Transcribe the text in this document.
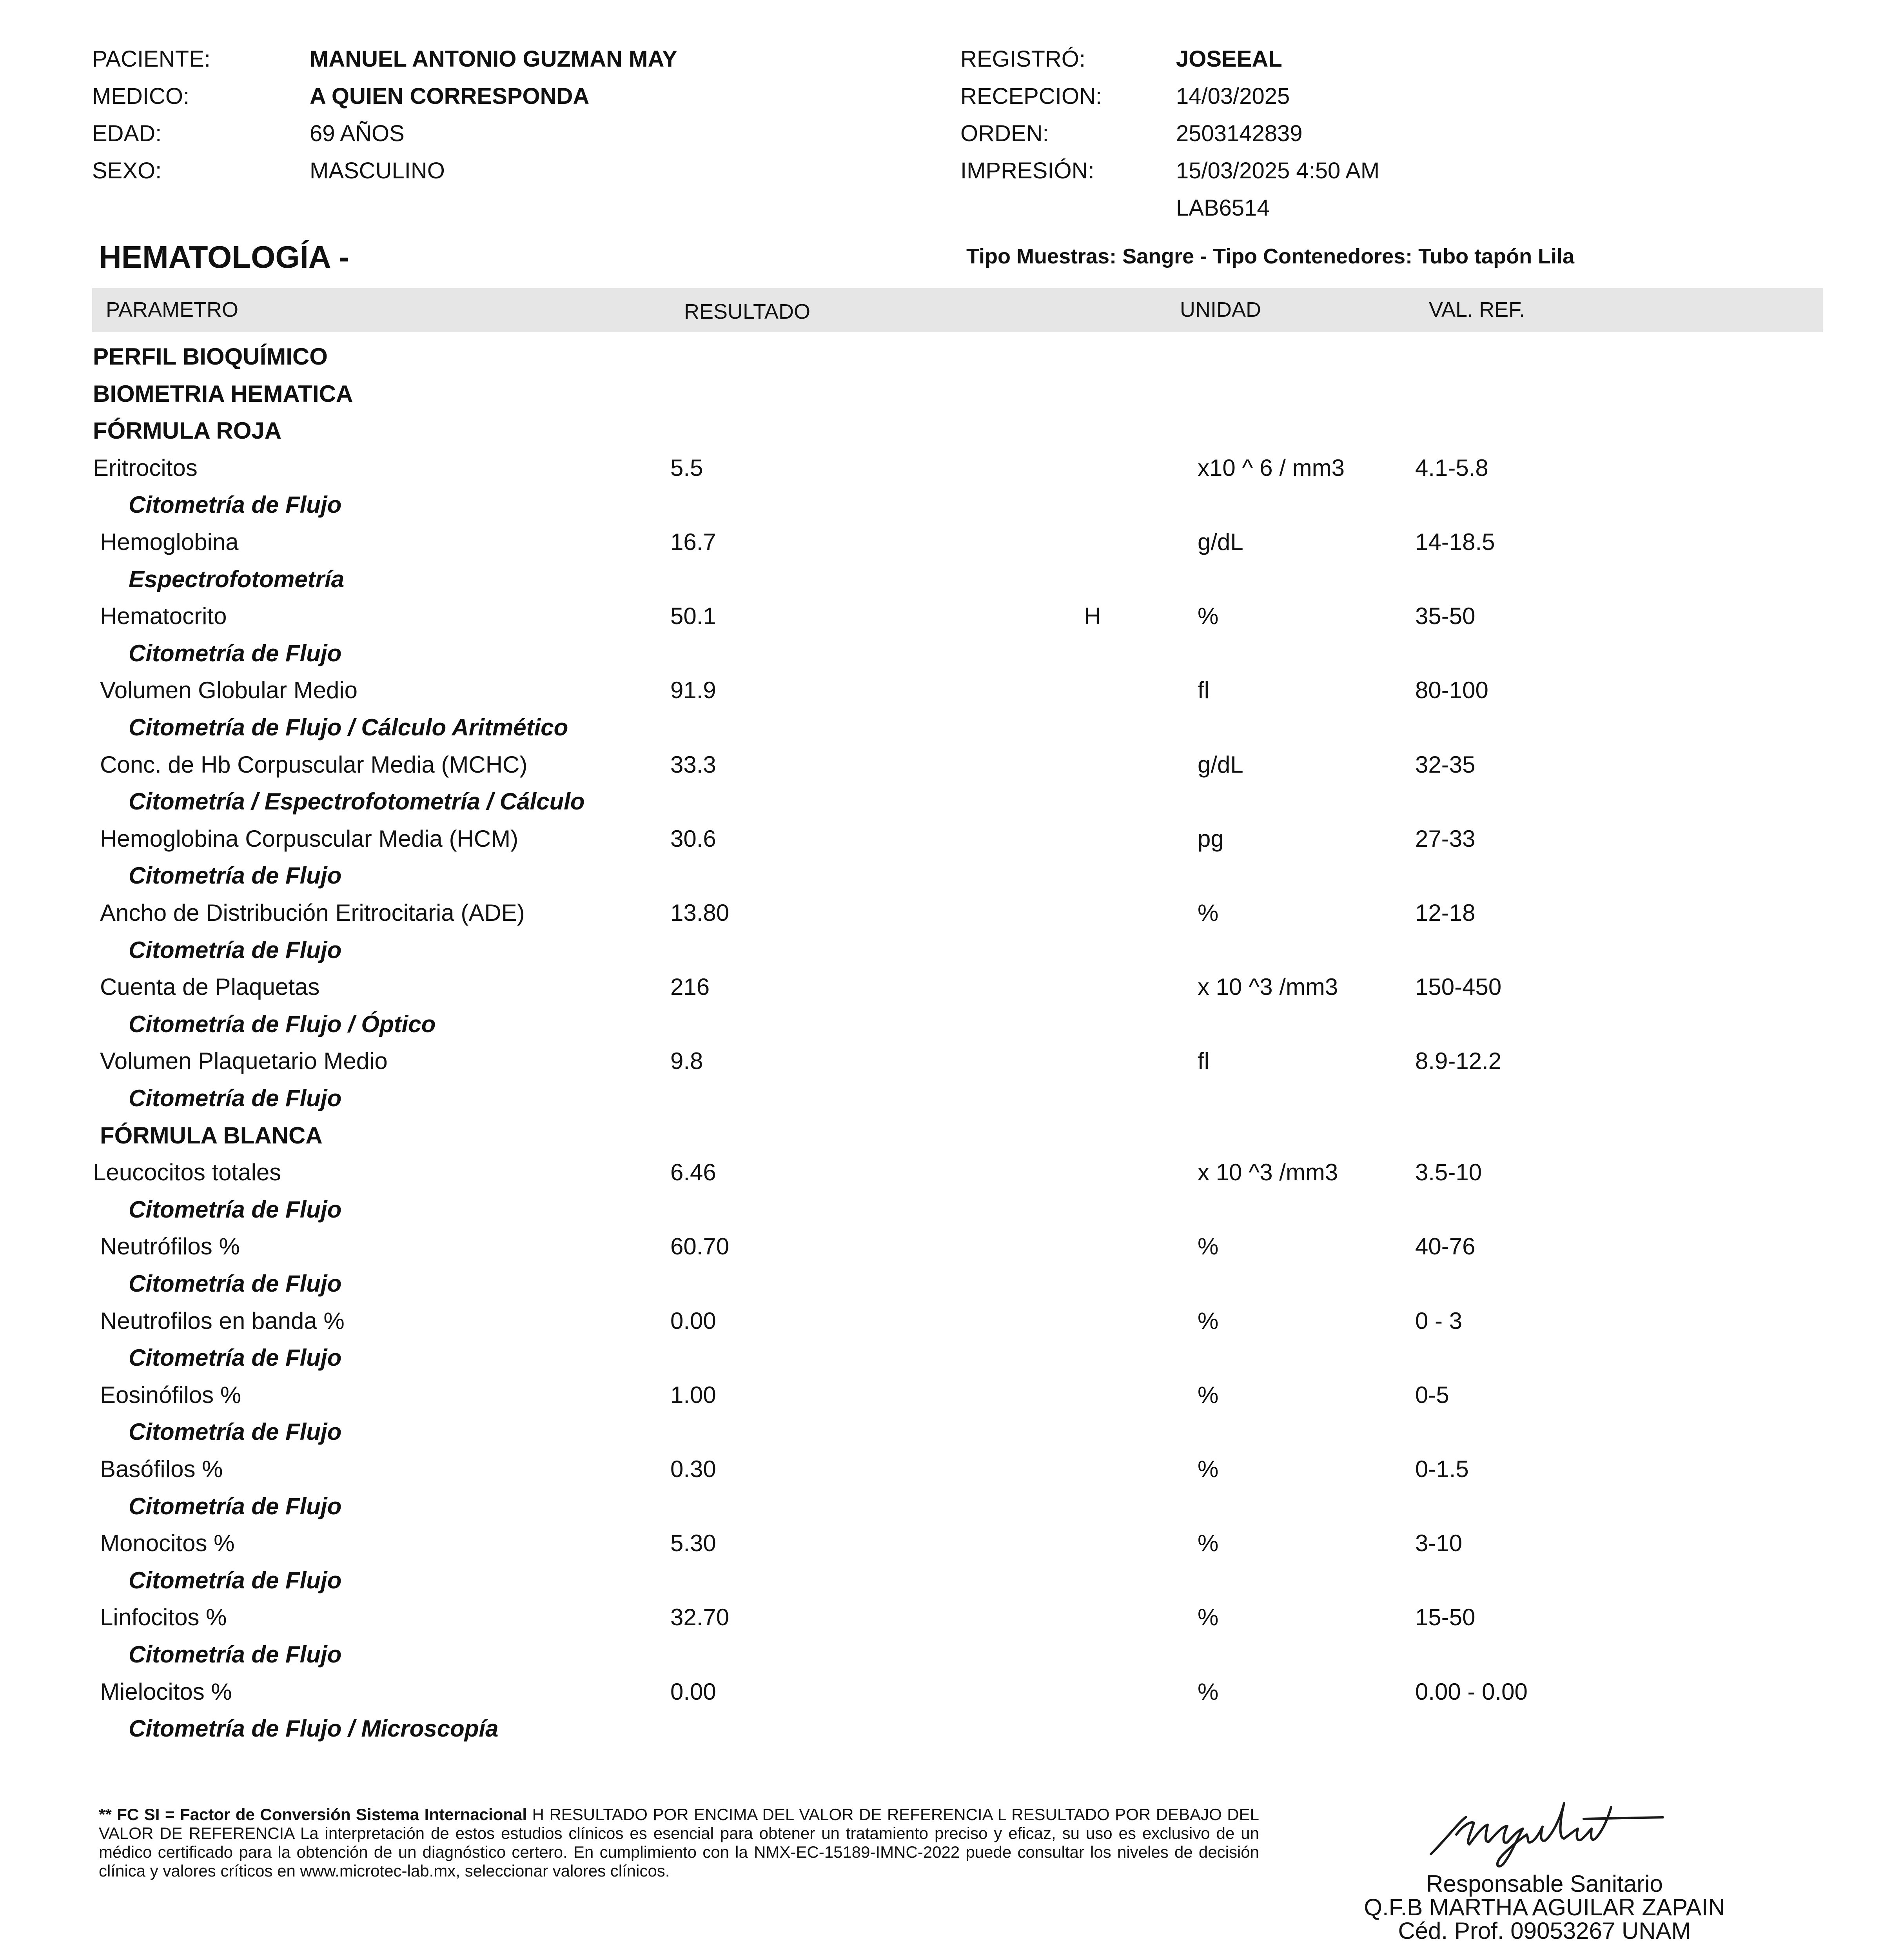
PACIENTE:	MANUEL ANTONIO GUZMAN MAY
MEDICO:	A QUIEN CORRESPONDA
EDAD:	69 AÑOS
SEXO:	MASCULINO
REGISTRÓ:	JOSEEAL
RECEPCION:	14/03/2025
ORDEN:	2503142839
IMPRESIÓN:	15/03/2025 4:50 AM
LAB6514
HEMATOLOGÍA -	Tipo Muestras: Sangre - Tipo Contenedores: Tubo tapón Lila
PARAMETRO	RESULTADO	UNIDAD	VAL. REF.
PERFIL BIOQUÍMICO
BIOMETRIA HEMATICA
FÓRMULA ROJA
Eritrocitos	5.5	x10 ^ 6 / mm3	4.1-5.8
Citometría de Flujo
Hemoglobina	16.7	g/dL	14-18.5
Espectrofotometría
Hematocrito	50.1	H	%	35-50
Citometría de Flujo
Volumen Globular Medio	91.9	fl	80-100
Citometría de Flujo / Cálculo Aritmético
Conc. de Hb Corpuscular Media (MCHC)	33.3	g/dL	32-35
Citometría / Espectrofotometría / Cálculo
Hemoglobina Corpuscular Media (HCM)	30.6	pg	27-33
Citometría de Flujo
Ancho de Distribución Eritrocitaria (ADE)	13.80	%	12-18
Citometría de Flujo
Cuenta de Plaquetas	216	x 10 ^3 /mm3	150-450
Citometría de Flujo / Óptico
Volumen Plaquetario Medio	9.8	fl	8.9-12.2
Citometría de Flujo
FÓRMULA BLANCA
Leucocitos totales	6.46	x 10 ^3 /mm3	3.5-10
Citometría de Flujo
Neutrófilos %	60.70	%	40-76
Citometría de Flujo
Neutrofilos en banda %	0.00	%	0 - 3
Citometría de Flujo
Eosinófilos %	1.00	%	0-5
Citometría de Flujo
Basófilos %	0.30	%	0-1.5
Citometría de Flujo
Monocitos %	5.30	%	3-10
Citometría de Flujo
Linfocitos %	32.70	%	15-50
Citometría de Flujo
Mielocitos %	0.00	%	0.00 - 0.00
Citometría de Flujo / Microscopía
** FC SI = Factor de Conversión Sistema Internacional H RESULTADO POR ENCIMA DEL VALOR DE REFERENCIA L RESULTADO POR DEBAJO DEL VALOR DE REFERENCIA La interpretación de estos estudios clínicos es esencial para obtener un tratamiento preciso y eficaz, su uso es exclusivo de un médico certificado para la obtención de un diagnóstico certero. En cumplimiento con la NMX-EC-15189-IMNC-2022 puede consultar los niveles de decisión clínica y valores críticos en www.microtec-lab.mx, seleccionar valores clínicos.	Responsable Sanitario
Q.F.B MARTHA AGUILAR ZAPAIN
Céd. Prof. 09053267 UNAM
